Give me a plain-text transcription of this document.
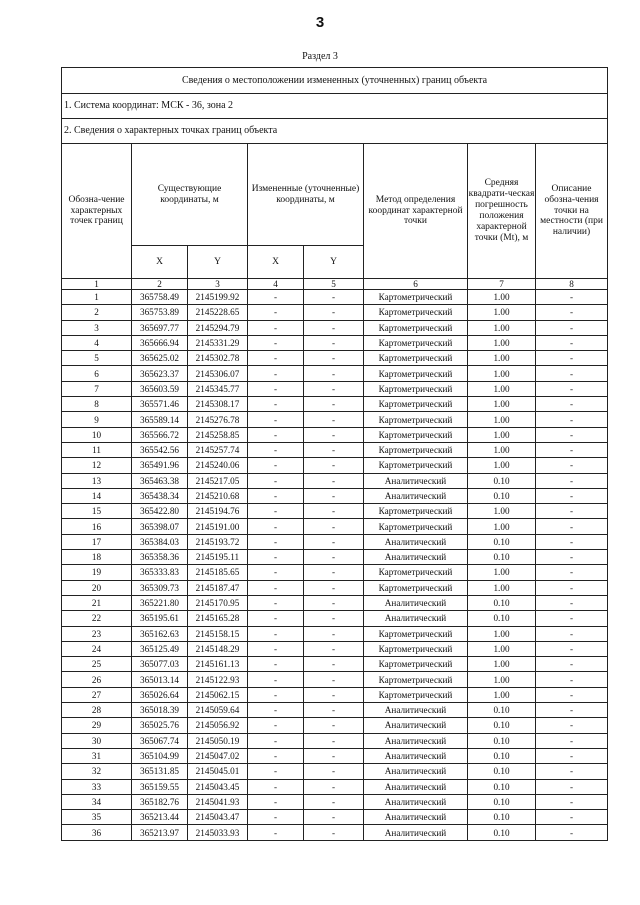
3
Раздел 3
Сведения о местоположении измененных (уточненных) границ объекта							
1. Система координат: МСК - 36, зона 2							
2. Сведения о характерных точках границ объекта							
Обозна-чение характерных точек границ	Существующие координаты, м		Измененные (уточненные) координаты, м		Метод определения координат характерной точки	Средняя квадрати-ческая погрешность положения характерной точки (Mt), м	Описание обозна-чения точки на местности (при наличии)
	X	Y	X	Y			
1	2	3	4	5	6	7	8
1	365758.49	2145199.92	-	-	Картометрический	1.00	-
2	365753.89	2145228.65	-	-	Картометрический	1.00	-
3	365697.77	2145294.79	-	-	Картометрический	1.00	-
4	365666.94	2145331.29	-	-	Картометрический	1.00	-
5	365625.02	2145302.78	-	-	Картометрический	1.00	-
6	365623.37	2145306.07	-	-	Картометрический	1.00	-
7	365603.59	2145345.77	-	-	Картометрический	1.00	-
8	365571.46	2145308.17	-	-	Картометрический	1.00	-
9	365589.14	2145276.78	-	-	Картометрический	1.00	-
10	365566.72	2145258.85	-	-	Картометрический	1.00	-
11	365542.56	2145257.74	-	-	Картометрический	1.00	-
12	365491.96	2145240.06	-	-	Картометрический	1.00	-
13	365463.38	2145217.05	-	-	Аналитический	0.10	-
14	365438.34	2145210.68	-	-	Аналитический	0.10	-
15	365422.80	2145194.76	-	-	Картометрический	1.00	-
16	365398.07	2145191.00	-	-	Картометрический	1.00	-
17	365384.03	2145193.72	-	-	Аналитический	0.10	-
18	365358.36	2145195.11	-	-	Аналитический	0.10	-
19	365333.83	2145185.65	-	-	Картометрический	1.00	-
20	365309.73	2145187.47	-	-	Картометрический	1.00	-
21	365221.80	2145170.95	-	-	Аналитический	0.10	-
22	365195.61	2145165.28	-	-	Аналитический	0.10	-
23	365162.63	2145158.15	-	-	Картометрический	1.00	-
24	365125.49	2145148.29	-	-	Картометрический	1.00	-
25	365077.03	2145161.13	-	-	Картометрический	1.00	-
26	365013.14	2145122.93	-	-	Картометрический	1.00	-
27	365026.64	2145062.15	-	-	Картометрический	1.00	-
28	365018.39	2145059.64	-	-	Аналитический	0.10	-
29	365025.76	2145056.92	-	-	Аналитический	0.10	-
30	365067.74	2145050.19	-	-	Аналитический	0.10	-
31	365104.99	2145047.02	-	-	Аналитический	0.10	-
32	365131.85	2145045.01	-	-	Аналитический	0.10	-
33	365159.55	2145043.45	-	-	Аналитический	0.10	-
34	365182.76	2145041.93	-	-	Аналитический	0.10	-
35	365213.44	2145043.47	-	-	Аналитический	0.10	-
36	365213.97	2145033.93	-	-	Аналитический	0.10	-
